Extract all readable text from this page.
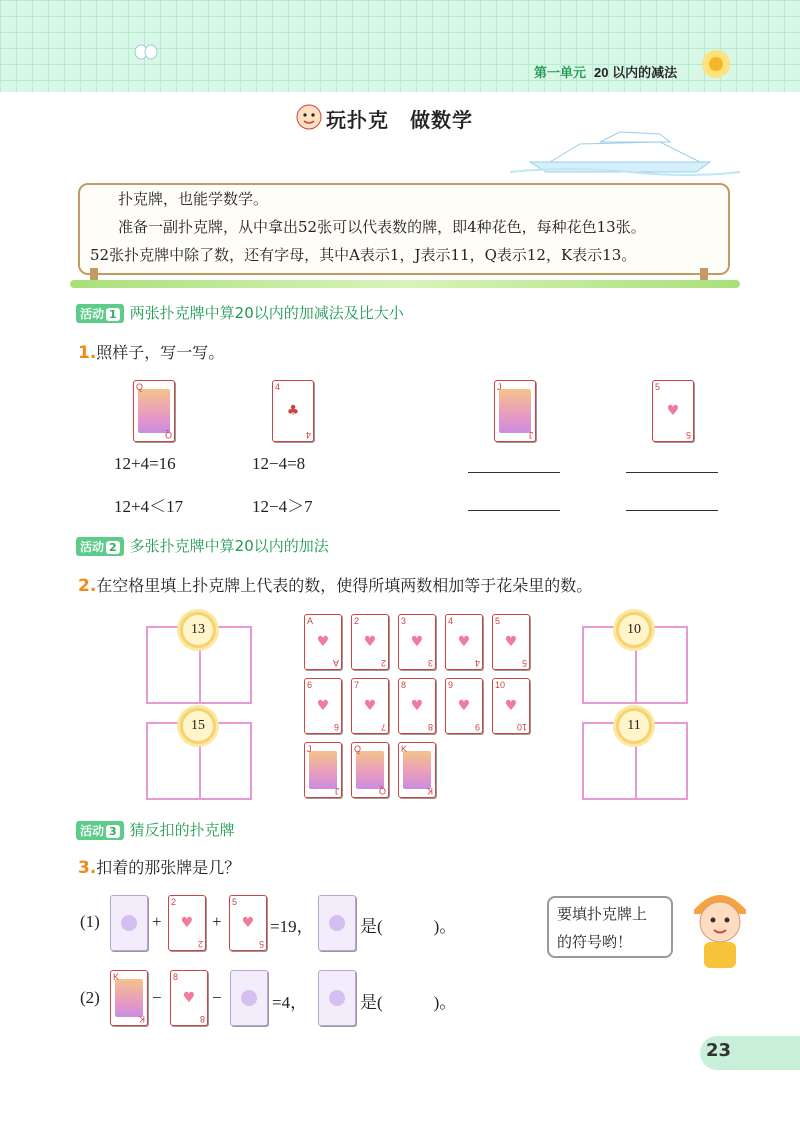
第一单元 20 以内的减法
玩扑克　做数学

扑克牌，也能学数学。

准备一副扑克牌，从中拿出52张可以代表数的牌，即4种花色，每种花色13张。

52张扑克牌中除了数，还有字母，其中A表示1，J表示11，Q表示12，K表示13。

活动 1 两张扑克牌中算20以内的加减法及比大小
1.照样子，写一写。
Q
Q
4
♣
4
J
J
5
♥
5
12+4=16	12−4=8
12+4＜17	12−4＞7
活动 2 多张扑克牌中算20以内的加法
2.在空格里填上扑克牌上代表的数，使得所填两数相加等于花朵里的数。
13
15
10
11
A
♥
A
2
♥
2
3
♥
3
4
♥
4
5
♥
5
6
♥
6
7
♥
7
8
♥
8
9
♥
9
10
♥
10
J
J
Q
Q
K
K
活动 3 猜反扣的扑克牌
3.扣着的那张牌是几？
(1)	+
2
♥
2
+
5
♥
5
=19，	是(　　　)。
(2)
K
K
−
8
♥
8
−	=4，	是(　　　)。
要填扑克牌上
的符号哟！
23
